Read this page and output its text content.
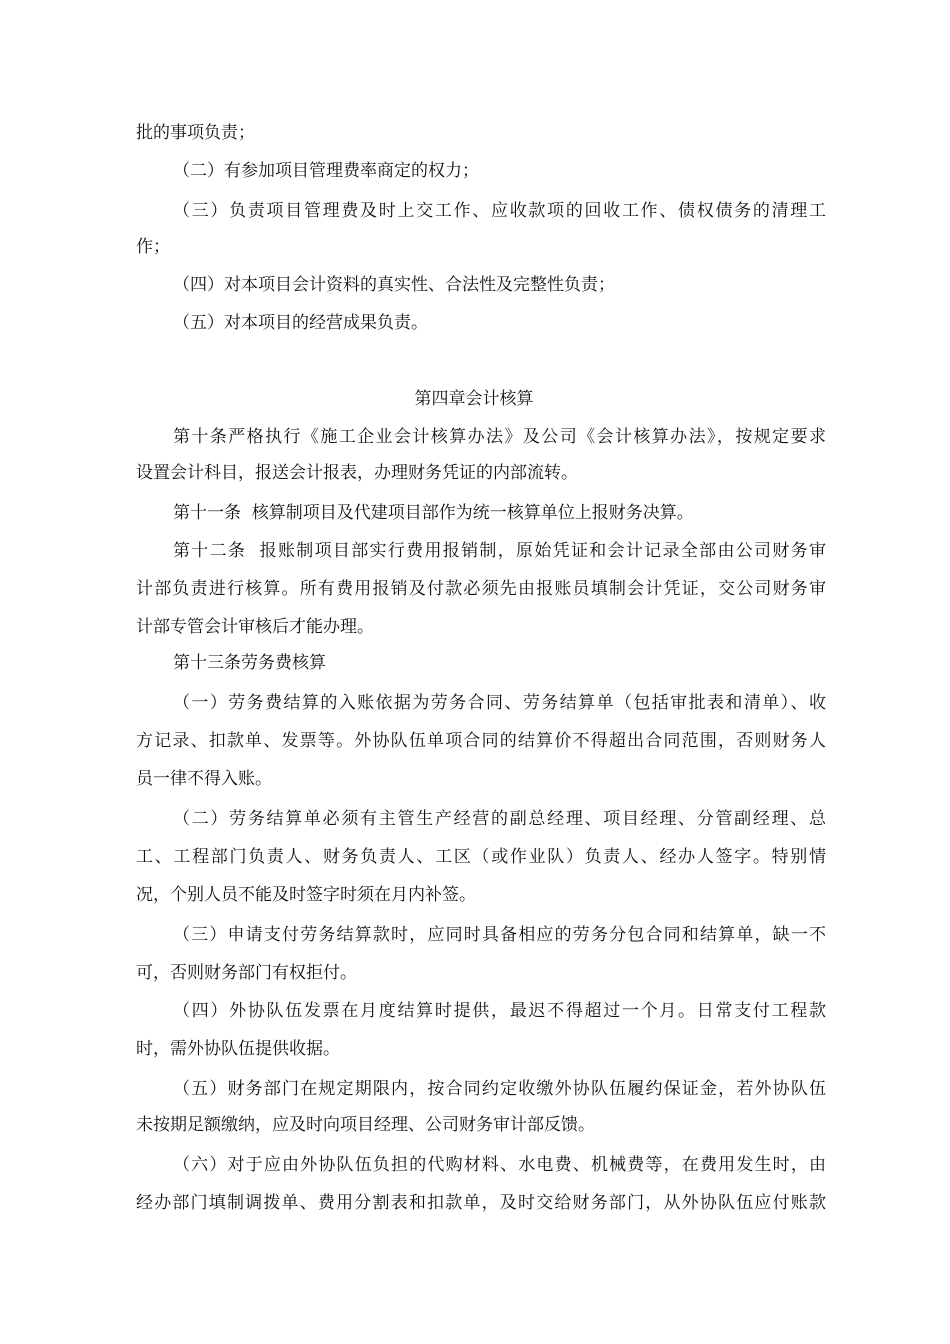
批的事项负责；
（二）有参加项目管理费率商定的权力；
（三）负责项目管理费及时上交工作、应收款项的回收工作、债权债务的清理工
作；
（四）对本项目会计资料的真实性、合法性及完整性负责；
（五）对本项目的经营成果负责。
第四章会计核算
第十条严格执行《施工企业会计核算办法》及公司《会计核算办法》，按规定要求
设置会计科目，报送会计报表，办理财务凭证的内部流转。
第十一条  核算制项目及代建项目部作为统一核算单位上报财务决算。
第十二条  报账制项目部实行费用报销制，原始凭证和会计记录全部由公司财务审
计部负责进行核算。所有费用报销及付款必须先由报账员填制会计凭证，交公司财务审
计部专管会计审核后才能办理。
第十三条劳务费核算
（一）劳务费结算的入账依据为劳务合同、劳务结算单（包括审批表和清单）、收
方记录、扣款单、发票等。外协队伍单项合同的结算价不得超出合同范围，否则财务人
员一律不得入账。
（二）劳务结算单必须有主管生产经营的副总经理、项目经理、分管副经理、总
工、工程部门负责人、财务负责人、工区（或作业队）负责人、经办人签字。特别情
况，个别人员不能及时签字时须在月内补签。
（三）申请支付劳务结算款时，应同时具备相应的劳务分包合同和结算单，缺一不
可，否则财务部门有权拒付。
（四）外协队伍发票在月度结算时提供，最迟不得超过一个月。日常支付工程款
时，需外协队伍提供收据。
（五）财务部门在规定期限内，按合同约定收缴外协队伍履约保证金，若外协队伍
未按期足额缴纳，应及时向项目经理、公司财务审计部反馈。
（六）对于应由外协队伍负担的代购材料、水电费、机械费等，在费用发生时，由
经办部门填制调拨单、费用分割表和扣款单，及时交给财务部门，从外协队伍应付账款
